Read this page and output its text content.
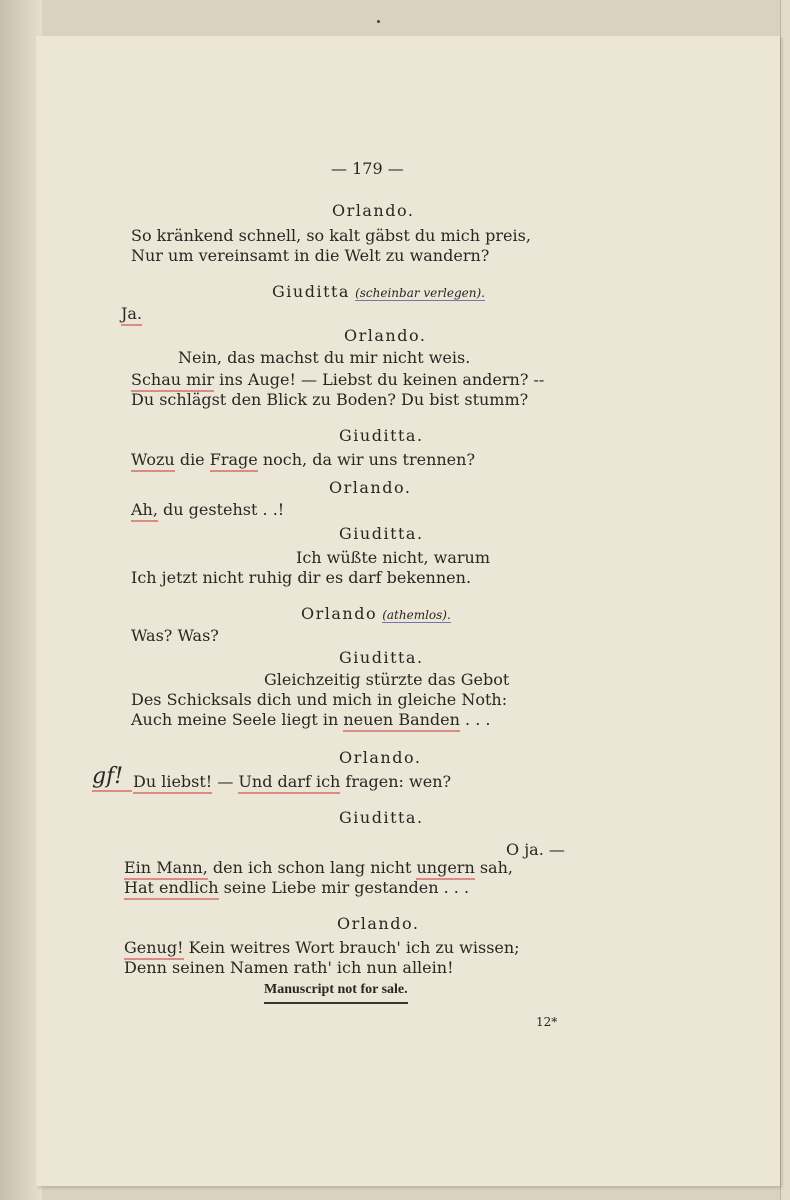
— 179 —
Orlando.
So kränkend schnell, so kalt gäbst du mich preis,
Nur um vereinsamt in die Welt zu wandern?
Giuditta (scheinbar verlegen).
Ja.
Orlando.
Nein, das machst du mir nicht weis.
Schau mir ins Auge! — Liebst du keinen andern? --
Du schlägst den Blick zu Boden? Du bist stumm?
Giuditta.
Wozu die Frage noch, da wir uns trennen?
Orlando.
Ah, du gestehst . .!
Giuditta.
Ich wüßte nicht, warum
Ich jetzt nicht ruhig dir es darf bekennen.
Orlando (athemlos).
Was? Was?
Giuditta.
Gleichzeitig stürzte das Gebot
Des Schicksals dich und mich in gleiche Noth:
Auch meine Seele liegt in neuen Banden . . .
Orlando.
Du liebst! — Und darf ich fragen: wen?
Giuditta.
O ja. —
Ein Mann, den ich schon lang nicht ungern sah,
Hat endlich seine Liebe mir gestanden . . .
Orlando.
Genug! Kein weitres Wort brauch' ich zu wissen;
Denn seinen Namen rath' ich nun allein!
Manuscript not for sale.
12*
gf!
